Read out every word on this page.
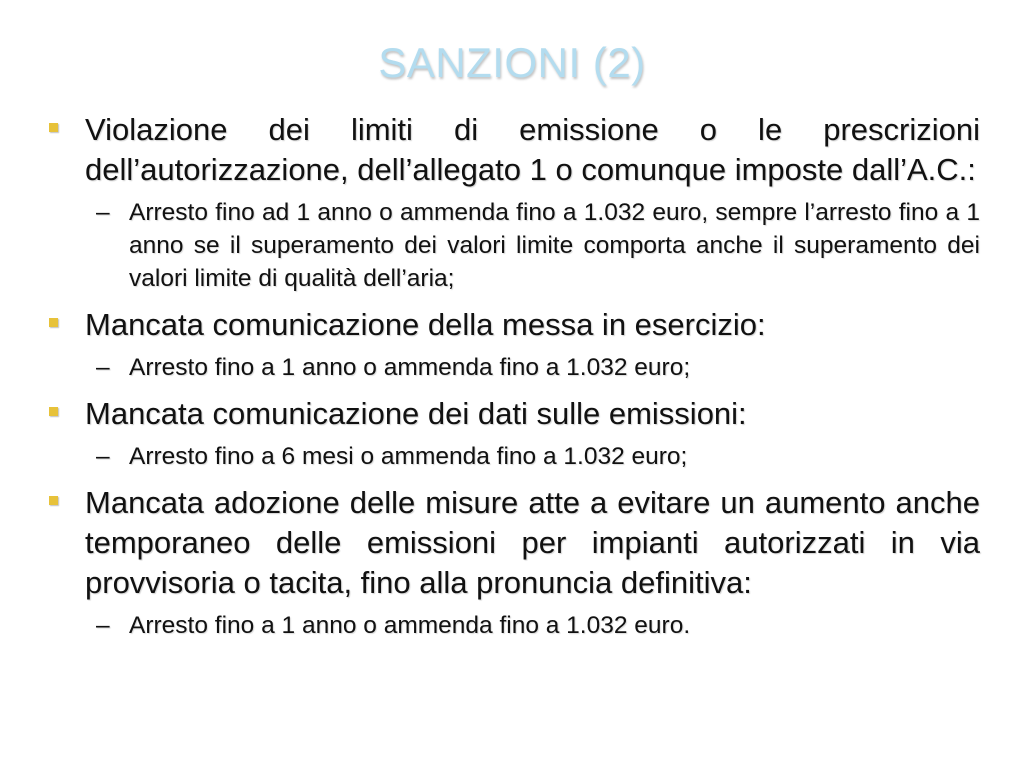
SANZIONI (2)
Violazione dei limiti di emissione o le prescrizioni dell’autorizzazione, dell’allegato 1 o comunque imposte dall’A.C.:
– Arresto fino ad 1 anno o ammenda fino a 1.032 euro, sempre l’arresto fino a 1 anno se il superamento dei valori limite comporta anche il superamento dei valori limite di qualità dell’aria;
Mancata comunicazione della messa in esercizio:
– Arresto fino a 1 anno o ammenda fino a 1.032 euro;
Mancata comunicazione dei dati sulle emissioni:
– Arresto fino a 6 mesi o ammenda fino a 1.032 euro;
Mancata adozione delle misure atte a evitare un aumento anche temporaneo delle emissioni per impianti autorizzati in via provvisoria o tacita, fino alla pronuncia definitiva:
– Arresto fino a 1 anno o ammenda fino a 1.032 euro.
